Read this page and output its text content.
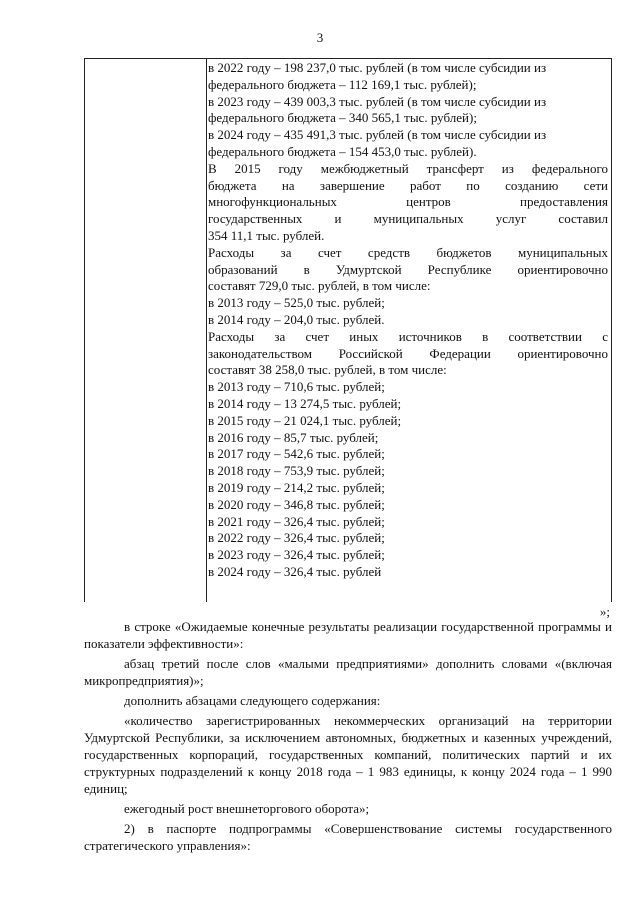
3

в 2022 году – 198 237,0 тыс. рублей (в том числе субсидии из

федерального бюджета – 112 169,1 тыс. рублей);

в 2023 году – 439 003,3 тыс. рублей (в том числе субсидии из

федерального бюджета – 340 565,1 тыс. рублей);

в 2024 году – 435 491,3 тыс. рублей (в том числе субсидии из

федерального бюджета – 154 453,0 тыс. рублей).

В 2015 году межбюджетный трансферт из федерального

бюджета на завершение работ по созданию сети

многофункциональных центров предоставления

государственных и муниципальных услуг составил

354 11,1 тыс. рублей.

Расходы за счет средств бюджетов муниципальных

образований в Удмуртской Республике ориентировочно

составят 729,0 тыс. рублей, в том числе:

в 2013 году – 525,0 тыс. рублей;

в 2014 году – 204,0 тыс. рублей.

Расходы за счет иных источников в соответствии с

законодательством Российской Федерации ориентировочно

составят 38 258,0 тыс. рублей, в том числе:

в 2013 году – 710,6 тыс. рублей;

в 2014 году – 13 274,5 тыс. рублей;

в 2015 году – 21 024,1 тыс. рублей;

в 2016 году – 85,7 тыс. рублей;

в 2017 году – 542,6 тыс. рублей;

в 2018 году – 753,9 тыс. рублей;

в 2019 году – 214,2 тыс. рублей;

в 2020 году – 346,8 тыс. рублей;

в 2021 году – 326,4 тыс. рублей;

в 2022 году – 326,4 тыс. рублей;

в 2023 году – 326,4 тыс. рублей;

в 2024 году – 326,4 тыс. рублей

»;

в строке «Ожидаемые конечные результаты реализации государственной программы и показатели эффективности»:

абзац третий после слов «малыми предприятиями» дополнить словами «(включая микропредприятия)»;

дополнить абзацами следующего содержания:

«количество зарегистрированных некоммерческих организаций на территории Удмуртской Республики, за исключением автономных, бюджетных и казенных учреждений, государственных корпораций, государственных компаний, политических партий и их структурных подразделений к концу 2018 года – 1 983 единицы, к концу 2024 года – 1 990 единиц;

ежегодный рост внешнеторгового оборота»;

2) в паспорте подпрограммы «Совершенствование системы государственного стратегического управления»:
